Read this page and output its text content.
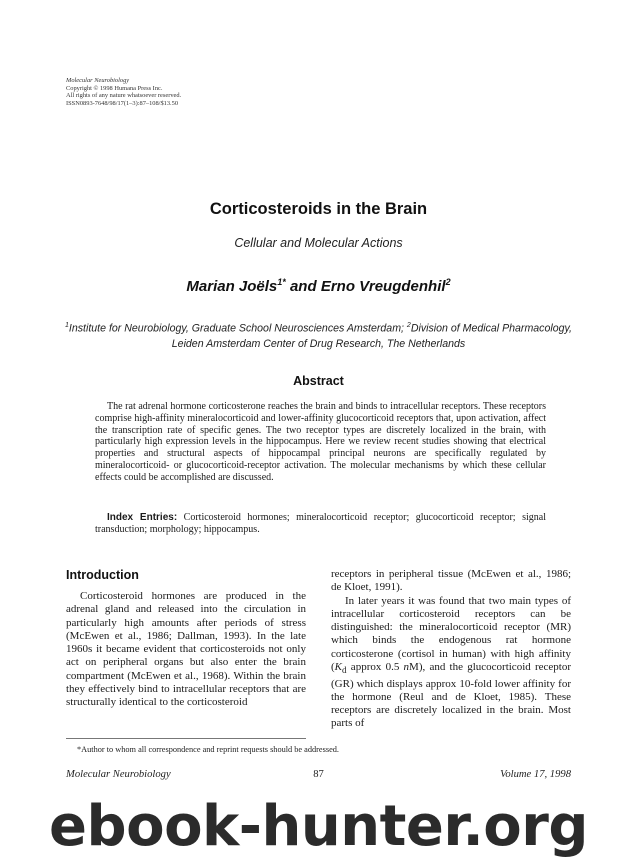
Molecular Neurobiology
Copyright © 1998 Humana Press Inc.
All rights of any nature whatsoever reserved.
ISSN0893-7648/98/17(1–3):87–108/$13.50
Corticosteroids in the Brain
Cellular and Molecular Actions
Marian Joëls$^{1*}$ and Erno Vreugdenhil$^2$
$^1$Institute for Neurobiology, Graduate School Neurosciences Amsterdam; $^2$Division of Medical Pharmacology, Leiden Amsterdam Center of Drug Research, The Netherlands
Abstract
The rat adrenal hormone corticosterone reaches the brain and binds to intracellular receptors. These receptors comprise high-affinity mineralocorticoid and lower-affinity glucocorticoid receptors that, upon activation, affect the transcription rate of specific genes. The two receptor types are discretely localized in the brain, with particularly high expression levels in the hippocampus. Here we review recent studies showing that electrical properties and structural aspects of hippocampal principal neurons are specifically regulated by mineralocorticoid- or glucocorticoid-receptor activation. The molecular mechanisms by which these cellular effects could be accomplished are discussed.
Index Entries: Corticosteroid hormones; mineralocorticoid receptor; glucocorticoid receptor; signal transduction; morphology; hippocampus.
Introduction

Corticosteroid hormones are produced in the adrenal gland and released into the circulation in particularly high amounts after periods of stress (McEwen et al., 1986; Dallman, 1993). In the late 1960s it became evident that corticosteroids not only act on peripheral organs but also enter the brain compartment (McEwen et al., 1968). Within the brain they effectively bind to intracellular receptors that are structurally identical to the corticosteroid

receptors in peripheral tissue (McEwen et al., 1986; de Kloet, 1991).

In later years it was found that two main types of intracellular corticosteroid receptors can be distinguished: the mineralocorticoid receptor (MR) which binds the endogenous rat hormone corticosterone (cortisol in human) with high affinity ($K_d$ approx 0.5 nM), and the glucocorticoid receptor (GR) which displays approx 10-fold lower affinity for the hormone (Reul and de Kloet, 1985). These receptors are discretely localized in the brain. Most parts of

*Author to whom all correspondence and reprint requests should be addressed.
Molecular Neurobiology	87	Volume 17, 1998
ebook-hunter.org
